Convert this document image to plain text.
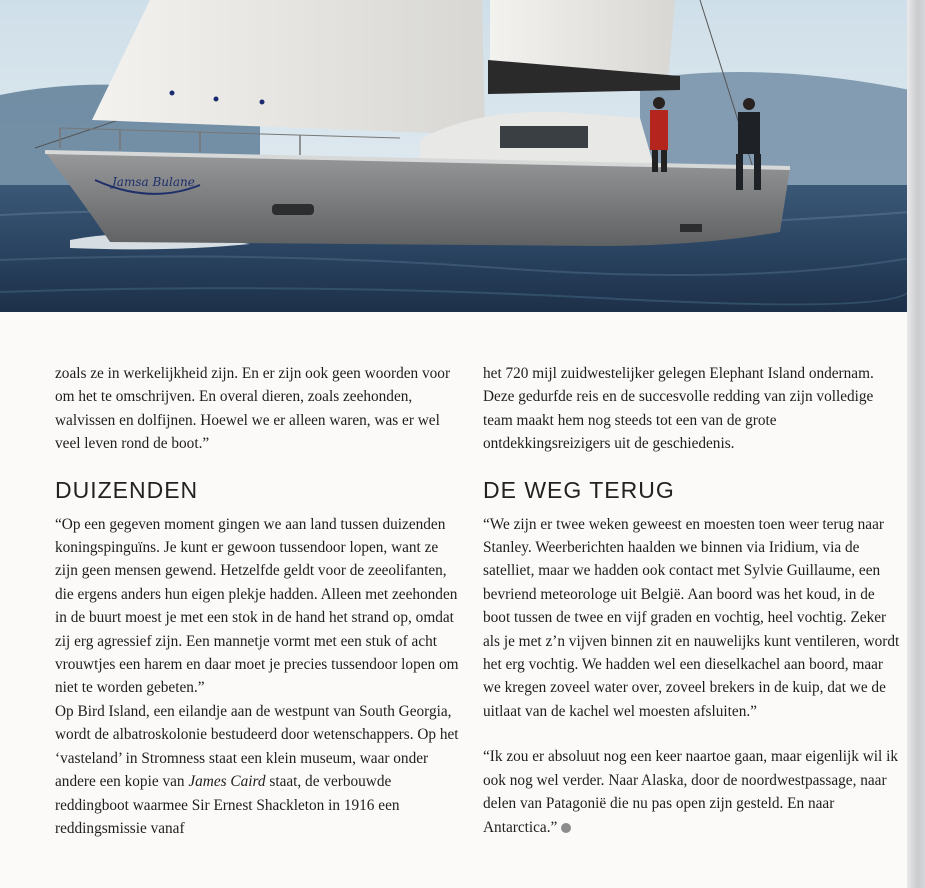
Jamsa Bulane

zoals ze in werkelijkheid zijn. En er zijn ook geen woorden voor om het te omschrijven. En overal dieren, zoals zeehonden, walvissen en dolfijnen. Hoewel we er alleen waren, was er wel veel leven rond de boot.”

DUIZENDEN

“Op een gegeven moment gingen we aan land tussen duizenden koningspinguïns. Je kunt er gewoon tussendoor lopen, want ze zijn geen mensen gewend. Hetzelfde geldt voor de zeeolifanten, die ergens anders hun eigen plekje hadden. Alleen met zeehonden in de buurt moest je met een stok in de hand het strand op, omdat zij erg agressief zijn. Een mannetje vormt met een stuk of acht vrouwtjes een harem en daar moet je precies tussendoor lopen om niet te worden gebeten.”

Op Bird Island, een eilandje aan de westpunt van South Georgia, wordt de albatroskolonie bestudeerd door wetenschappers. Op het ‘vasteland’ in Stromness staat een klein museum, waar onder andere een kopie van James Caird staat, de verbouwde reddingboot waarmee Sir Ernest Shackleton in 1916 een reddingsmissie vanaf

het 720 mijl zuidwestelijker gelegen Elephant Island ondernam. Deze gedurfde reis en de succesvolle redding van zijn volledige team maakt hem nog steeds tot een van de grote ontdekkingsreizigers uit de geschiedenis.

DE WEG TERUG

“We zijn er twee weken geweest en moesten toen weer terug naar Stanley. Weerberichten haalden we binnen via Iridium, via de satelliet, maar we hadden ook contact met Sylvie Guillaume, een bevriend meteorologe uit België. Aan boord was het koud, in de boot tussen de twee en vijf graden en vochtig, heel vochtig. Zeker als je met z’n vijven binnen zit en nauwelijks kunt ventileren, wordt het erg vochtig. We hadden wel een dieselkachel aan boord, maar we kregen zoveel water over, zoveel brekers in de kuip, dat we de uitlaat van de kachel wel moesten afsluiten.”

“Ik zou er absoluut nog een keer naartoe gaan, maar eigenlijk wil ik ook nog wel verder. Naar Alaska, door de noordwestpassage, naar delen van Patagonië die nu pas open zijn gesteld. En naar Antarctica.”
